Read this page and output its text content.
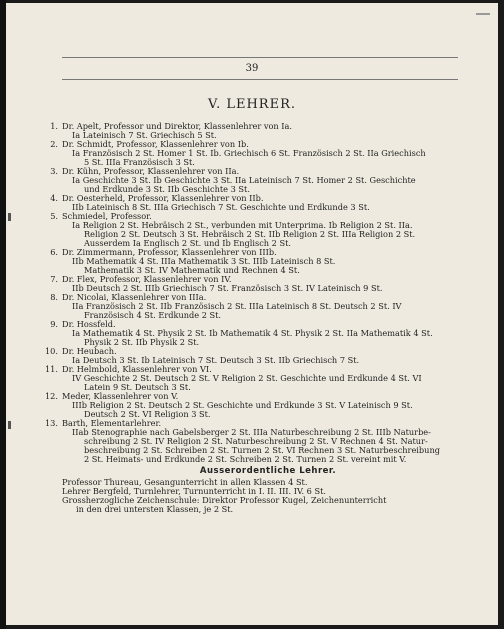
39
V. LEHRER.
1. Dr. Apelt, Professor und Direktor, Klassenlehrer von Ia.
Ia Lateinisch 7 St. Griechisch 5 St.
2. Dr. Schmidt, Professor, Klassenlehrer von Ib.
Ia Französisch 2 St. Homer 1 St. Ib. Griechisch 6 St. Französisch 2 St. IIa Griechisch
5 St. IIIa Französisch 3 St.
3. Dr. Kühn, Professor, Klassenlehrer von IIa.
Ia Geschichte 3 St. Ib Geschichte 3 St. IIa Lateinisch 7 St. Homer 2 St. Geschichte
und Erdkunde 3 St. IIb Geschichte 3 St.
4. Dr. Oesterheld, Professor, Klassenlehrer von IIb.
IIb Lateinisch 8 St. IIIa Griechisch 7 St. Geschichte und Erdkunde 3 St.
5. Schmiedel, Professor.
Ia Religion 2 St. Hebräisch 2 St., verbunden mit Unterprima. Ib Religion 2 St. IIa.
Religion 2 St. Deutsch 3 St. Hebräisch 2 St. IIb Religion 2 St. IIIa Religion 2 St.
Ausserdem Ia Englisch 2 St. und Ib Englisch 2 St.
6. Dr. Zimmermann, Professor, Klassenlehrer von IIIb.
IIb Mathematik 4 St. IIIa Mathematik 3 St. IIIb Lateinisch 8 St.
Mathematik 3 St. IV Mathematik und Rechnen 4 St.
7. Dr. Flex, Professor, Klassenlehrer von IV.
IIb Deutsch 2 St. IIIb Griechisch 7 St. Französisch 3 St. IV Lateinisch 9 St.
8. Dr. Nicolai, Klassenlehrer von IIIa.
IIa Französisch 2 St. IIb Französisch 2 St. IIIa Lateinisch 8 St. Deutsch 2 St. IV
Französisch 4 St. Erdkunde 2 St.
9. Dr. Hossfeld.
Ia Mathematik 4 St. Physik 2 St. Ib Mathematik 4 St. Physik 2 St. IIa Mathematik 4 St.
Physik 2 St. IIb Physik 2 St.
10. Dr. Heubach.
Ia Deutsch 3 St. Ib Lateinisch 7 St. Deutsch 3 St. IIb Griechisch 7 St.
11. Dr. Helmbold, Klassenlehrer von VI.
IV Geschichte 2 St. Deutsch 2 St. V Religion 2 St. Geschichte und Erdkunde 4 St. VI
Latein 9 St. Deutsch 3 St.
12. Meder, Klassenlehrer von V.
IIIb Religion 2 St. Deutsch 2 St. Geschichte und Erdkunde 3 St. V Lateinisch 9 St.
Deutsch 2 St. VI Religion 3 St.
13. Barth, Elementarlehrer.
IIab Stenographie nach Gabelsberger 2 St. IIIa Naturbeschreibung 2 St. IIIb Naturbe-
schreibung 2 St. IV Religion 2 St. Naturbeschreibung 2 St. V Rechnen 4 St. Natur-
beschreibung 2 St. Schreiben 2 St. Turnen 2 St. VI Rechnen 3 St. Naturbeschreibung
2 St. Heimats- und Erdkunde 2 St. Schreiben 2 St. Turnen 2 St. vereint mit V.
Ausserordentliche Lehrer.
Professor Thureau, Gesangunterricht in allen Klassen 4 St.
Lehrer Bergfeld, Turnlehrer, Turnunterricht in I. II. III. IV. 6 St.
Grossherzogliche Zeichenschule: Direktor Professor Kugel, Zeichenunterricht
in den drei untersten Klassen, je 2 St.
